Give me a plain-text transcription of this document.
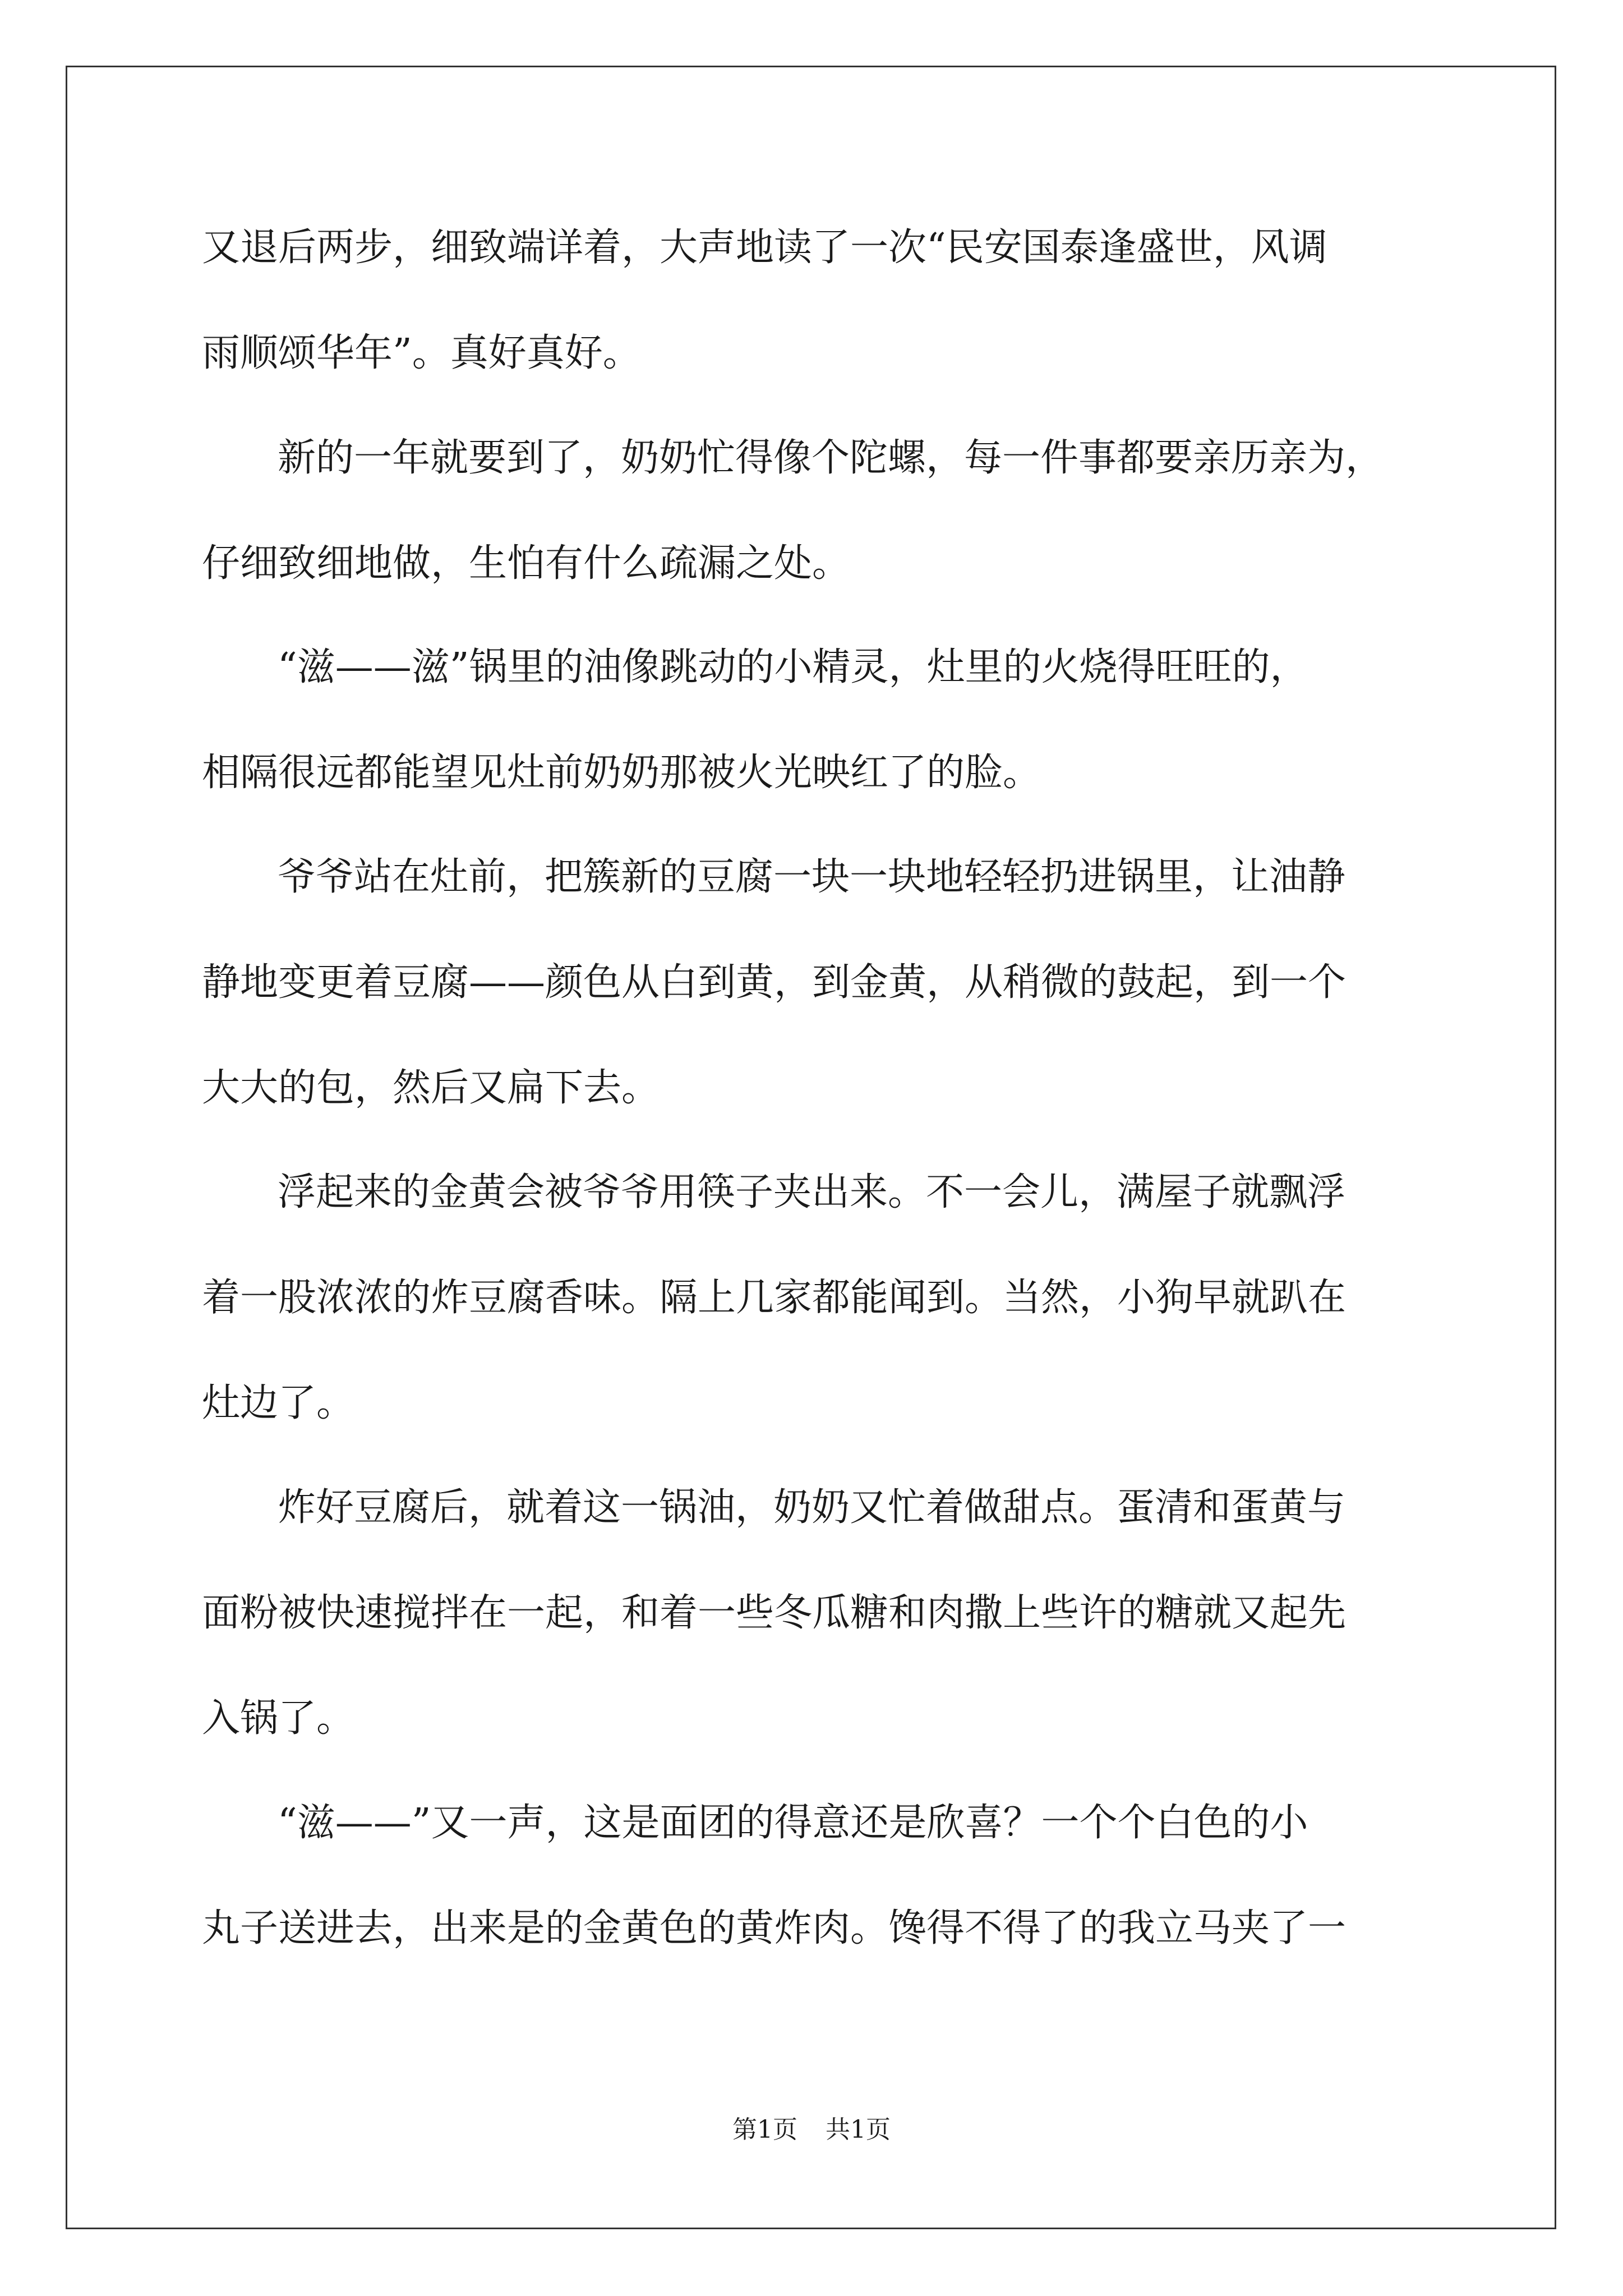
又退后两步，细致端详着，大声地读了一次“民安国泰逢盛世，风调

雨顺颂华年”。真好真好。

新的一年就要到了，奶奶忙得像个陀螺，每一件事都要亲历亲为，

仔细致细地做，生怕有什么疏漏之处。

“滋——滋”锅里的油像跳动的小精灵，灶里的火烧得旺旺的，

相隔很远都能望见灶前奶奶那被火光映红了的脸。

爷爷站在灶前，把簇新的豆腐一块一块地轻轻扔进锅里，让油静

静地变更着豆腐——颜色从白到黄，到金黄，从稍微的鼓起，到一个

大大的包，然后又扁下去。

浮起来的金黄会被爷爷用筷子夹出来。不一会儿，满屋子就飘浮

着一股浓浓的炸豆腐香味。隔上几家都能闻到。当然，小狗早就趴在

灶边了。

炸好豆腐后，就着这一锅油，奶奶又忙着做甜点。蛋清和蛋黄与

面粉被快速搅拌在一起，和着一些冬瓜糖和肉撒上些许的糖就又起先

入锅了。

“滋——”又一声，这是面团的得意还是欣喜？一个个白色的小

丸子送进去，出来是的金黄色的黄炸肉。馋得不得了的我立马夹了一

第1页 共1页
